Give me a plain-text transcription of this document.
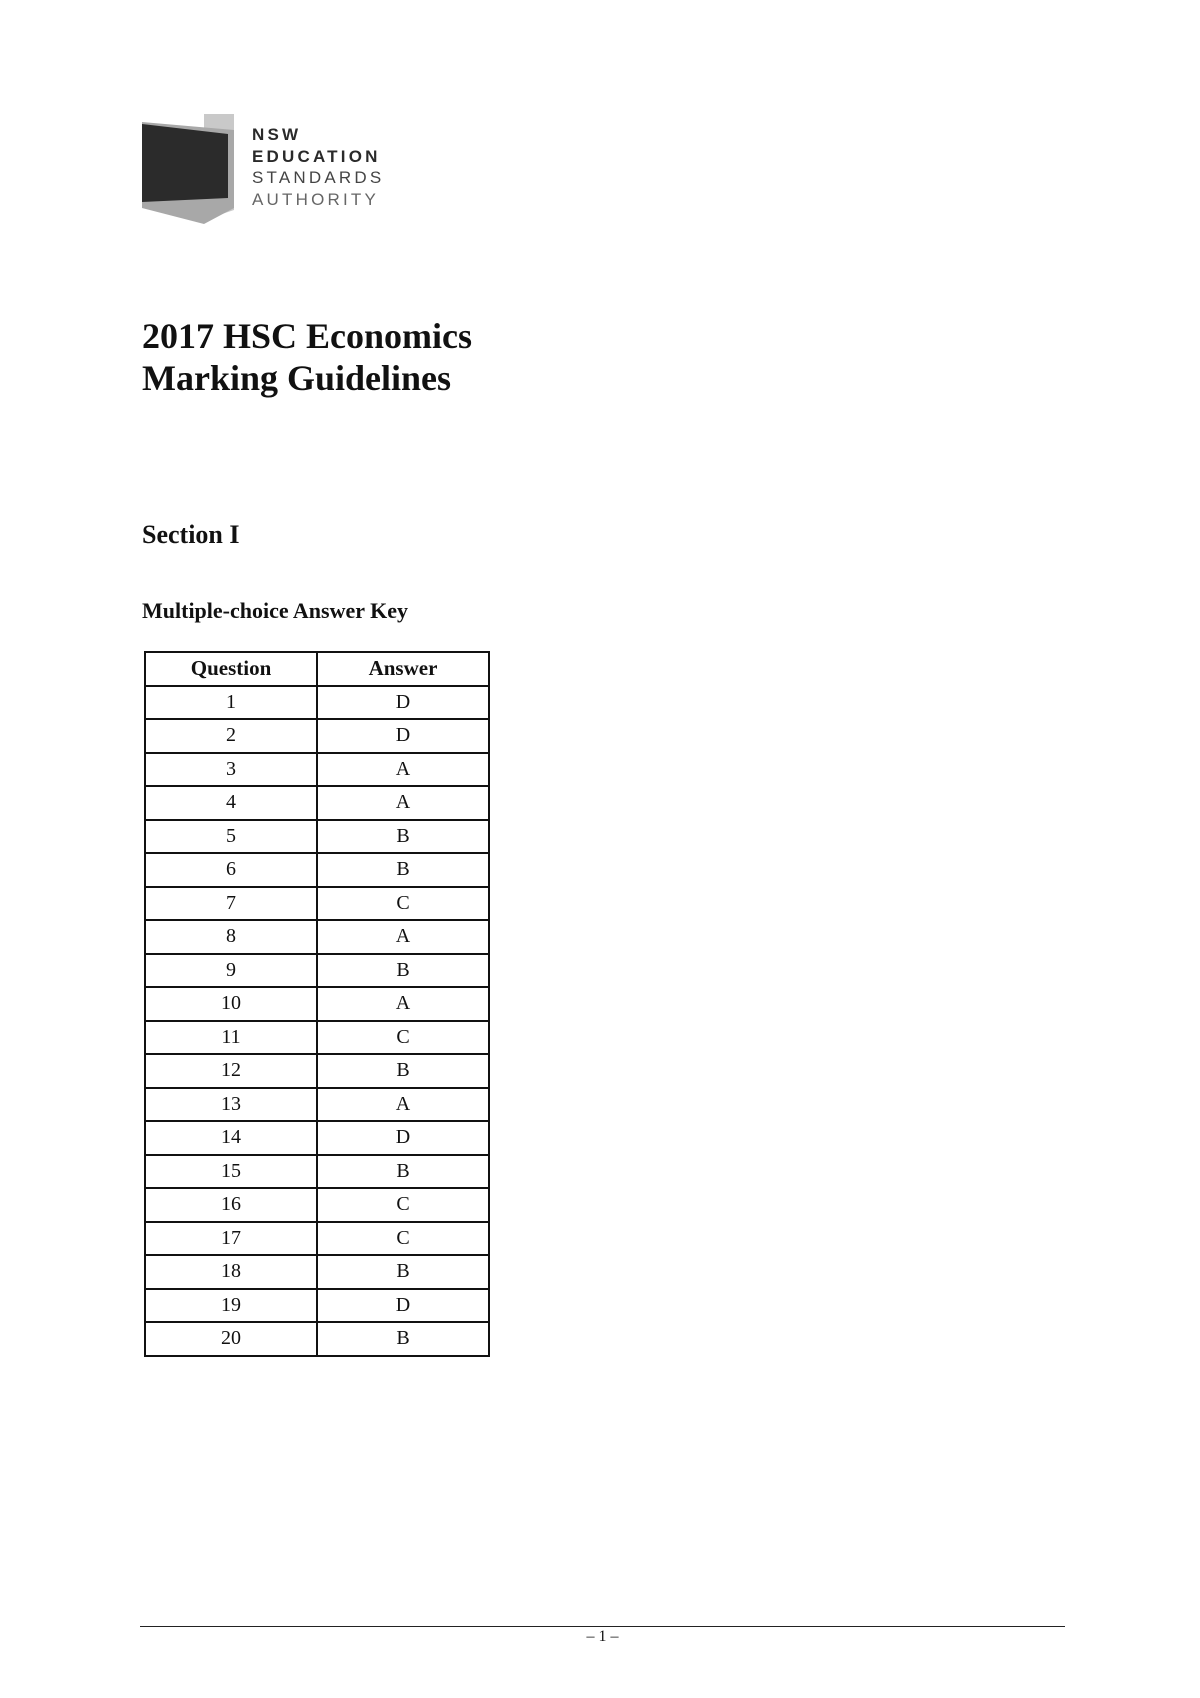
NSW
EDUCATION
STANDARDS
AUTHORITY
2017 HSC Economics
Marking Guidelines
Section I
Multiple-choice Answer Key
Question	Answer
1	D
2	D
3	A
4	A
5	B
6	B
7	C
8	A
9	B
10	A
11	C
12	B
13	A
14	D
15	B
16	C
17	C
18	B
19	D
20	B
– 1 –
